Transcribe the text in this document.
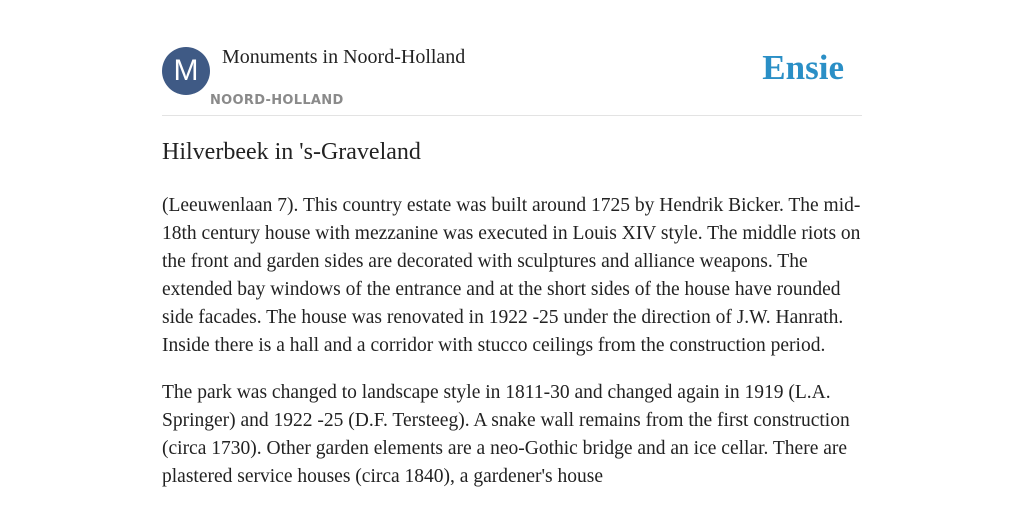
M	Monuments in Noord-Holland
NOORD-HOLLAND
Ensie
Hilverbeek in 's-Graveland

(Leeuwenlaan 7). This country estate was built around 1725 by Hendrik Bicker. The mid-18th century house with mezzanine was executed in Louis XIV style. The middle riots on the front and garden sides are decorated with sculptures and alliance weapons. The extended bay windows of the entrance and at the short sides of the house have rounded side facades. The house was renovated in 1922 -25 under the direction of J.W. Hanrath. Inside there is a hall and a corridor with stucco ceilings from the construction period.

The park was changed to landscape style in 1811-30 and changed again in 1919 (L.A. Springer) and 1922 -25 (D.F. Tersteeg). A snake wall remains from the first construction (circa 1730). Other garden elements are a neo-Gothic bridge and an ice cellar. There are plastered service houses (circa 1840), a gardener's house
